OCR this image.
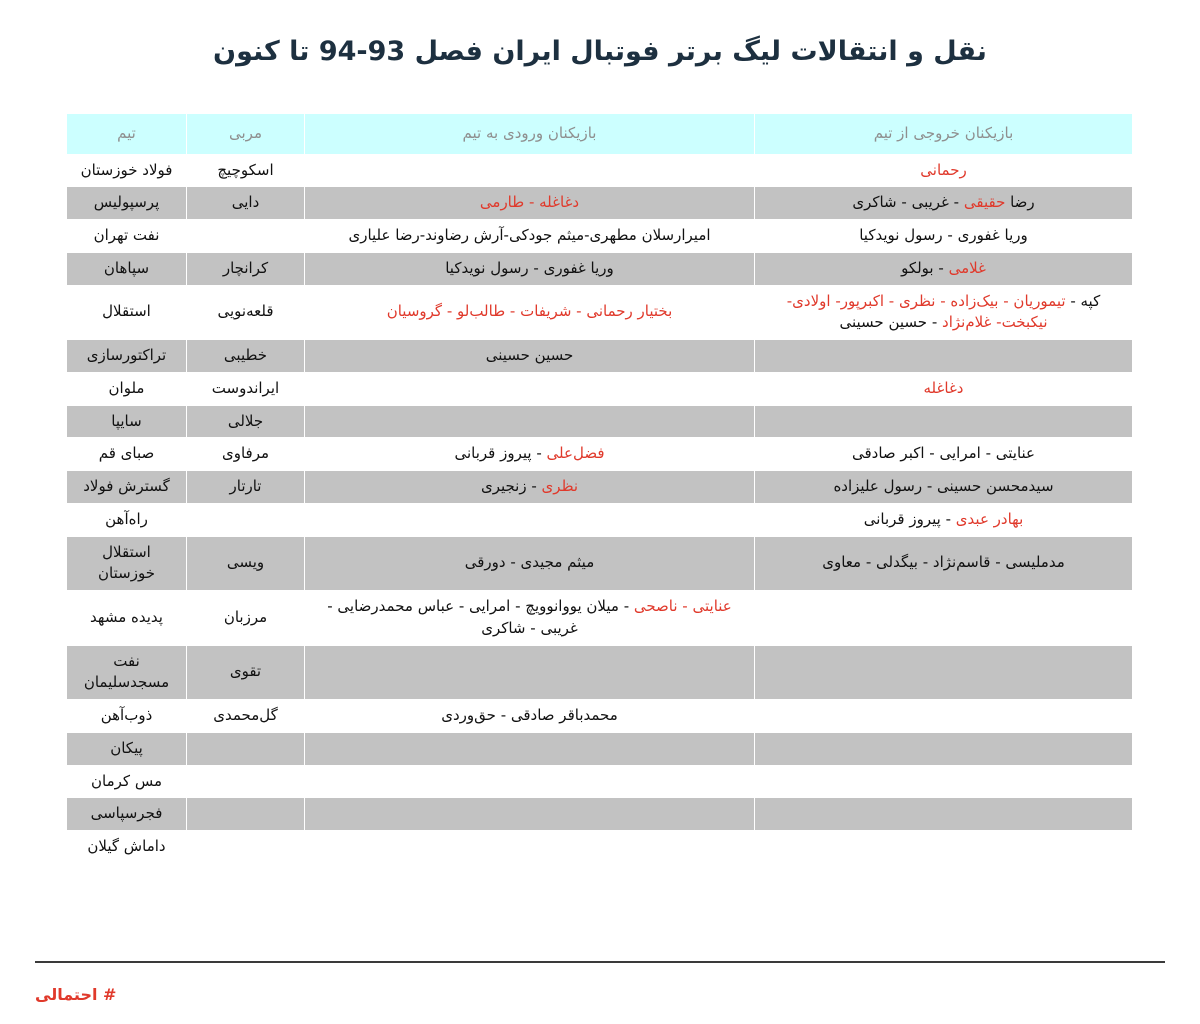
نقل و انتقالات لیگ برتر فوتبال ایران فصل 93-94 تا کنون
بازیکنان خروجی از تیم	بازیکنان ورودی به تیم	مربی	تیم
رحمانی		اسکوچیچ	فولاد خوزستان
رضا حقیقی - غریبی - شاکری	دغاغله - طارمی	دایی	پرسپولیس
وریا غفوری - رسول نویدکیا	امیرارسلان مطهری-میثم جودکی-آرش رضاوند-رضا علیاری		نفت تهران
غلامی - بولکو	وریا غفوری - رسول نویدکیا	کرانچار	سپاهان
کپه - تیموریان - بیک‌زاده - نظری - اکبرپور- اولادی- نیکبخت- غلام‌نژاد - حسین حسینی	بختیار رحمانی - شریفات - طالب‌لو - گروسیان	قلعه‌نویی	استقلال
	حسین حسینی	خطیبی	تراکتورسازی
دغاغله		ایراندوست	ملوان
		جلالی	سایپا
عنایتی - امرایی - اکبر صادقی	فضل‌علی - پیروز قربانی	مرفاوی	صبای قم
سیدمحسن حسینی - رسول علیزاده	نظری - زنجیری	تارتار	گسترش فولاد
بهادر عبدی - پیروز قربانی			راه‌آهن
مدملیسی - قاسم‌نژاد - بیگدلی - معاوی	میثم مجیدی - دورقی	ویسی	استقلال خوزستان
	عنایتی - ناصحی - میلان یووانوویچ - امرایی - عباس محمدرضایی - غریبی - شاکری	مرزبان	پدیده مشهد
		تقوی	نفت مسجدسلیمان
	محمدباقر صادقی - حق‌وردی	گل‌محمدی	ذوب‌آهن
			پیکان
			مس کرمان
			فجرسپاسی
			داماش گیلان
# احتمالی
